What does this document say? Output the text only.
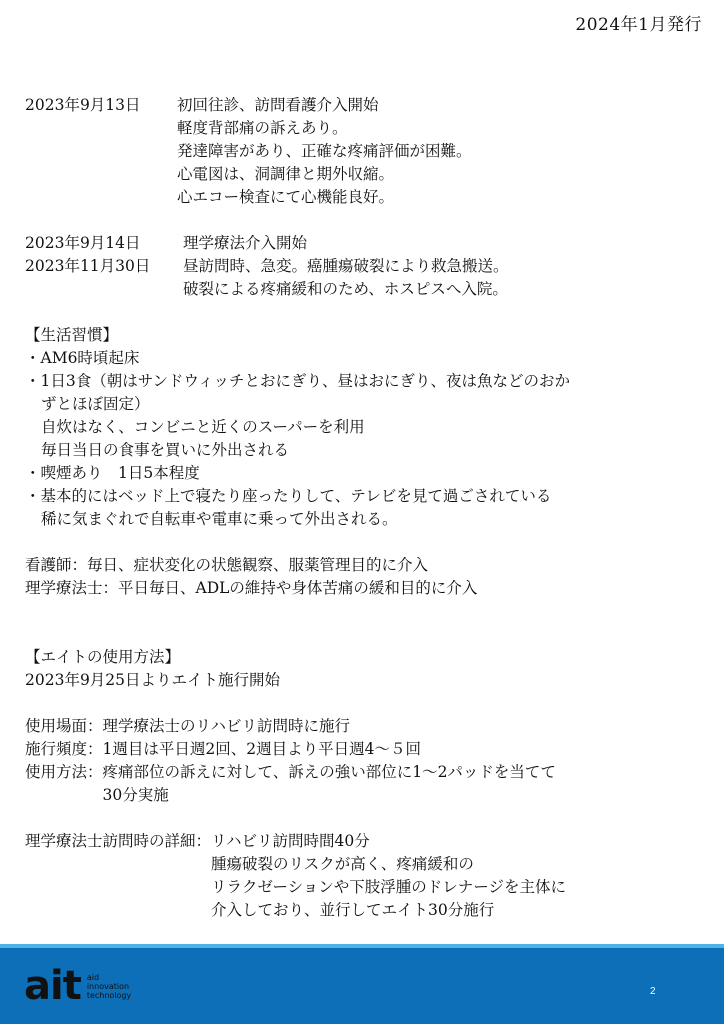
2024年1月発行
2023年9月13日	初回往診、訪問看護介入開始
軽度背部痛の訴えあり。
発達障害があり、正確な疼痛評価が困難。
心電図は、洞調律と期外収縮。
心エコー検査にて心機能良好。
2023年9月14日	理学療法介入開始
2023年11月30日	昼訪問時、急変。癌腫瘍破裂により救急搬送。
破裂による疼痛緩和のため、ホスピスへ入院。
【生活習慣】
・AM6時頃起床
・1日3食（朝はサンドウィッチとおにぎり、昼はおにぎり、夜は魚などのおか
ずとほぼ固定）
自炊はなく、コンビニと近くのスーパーを利用
毎日当日の食事を買いに外出される
・喫煙あり　1日5本程度
・基本的にはベッド上で寝たり座ったりして、テレビを見て過ごされている
稀に気まぐれで自転車や電車に乗って外出される。
看護師：毎日、症状変化の状態観察、服薬管理目的に介入
理学療法士：平日毎日、ADLの維持や身体苦痛の緩和目的に介入
【エイトの使用方法】
2023年9月25日よりエイト施行開始
使用場面： 理学療法士のリハビリ訪問時に施行
施行頻度： 1週目は平日週2回、2週目より平日週4～５回
使用方法： 疼痛部位の訴えに対して、訴えの強い部位に1～2パッドを当てて
30分実施
理学療法士訪問時の詳細： リハビリ訪問時間40分
腫瘍破裂のリスクが高く、疼痛緩和の
リラクゼーションや下肢浮腫のドレナージを主体に
介入しており、並行してエイト30分施行
ait aid
innovation
technology	2
